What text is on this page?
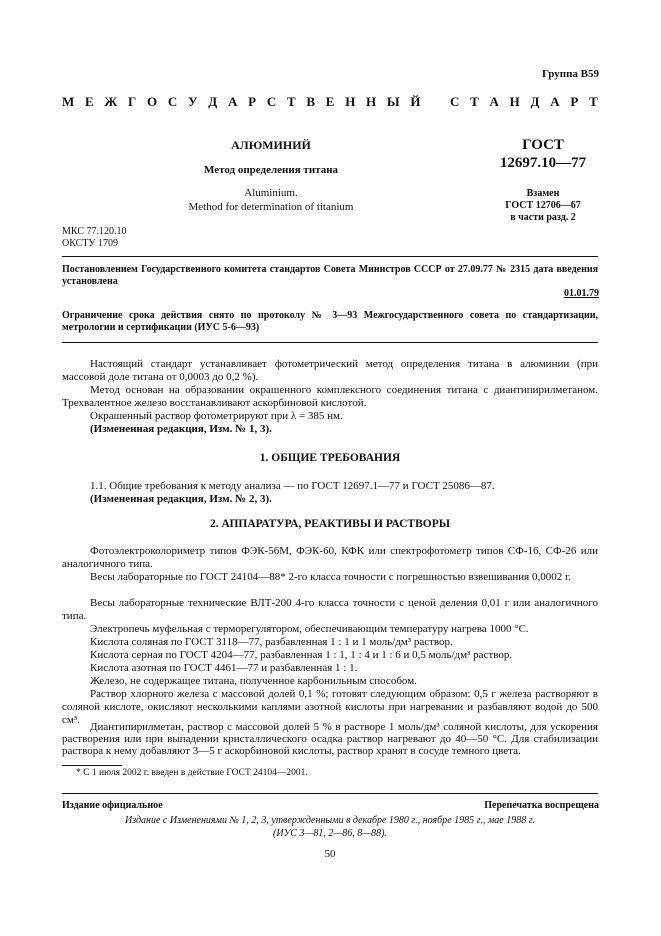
Группа В59
М Е Ж Г О С У Д А Р С Т В Е Н Н Ы Й С Т А Н Д А Р Т
АЛЮМИНИЙ
Метод определения титана
Aluminium.
Method for determination of titanium
ГОСТ
12697.10—77
Взамен
ГОСТ 12706—67
в части разд. 2
МКС 77.120.10
ОКСТУ 1709
Постановлением Государственного комитета стандартов Совета Министров СССР от 27.09.77 № 2315 дата введения установлена
01.01.79
Ограничение срока действия снято по протоколу № 3—93 Межгосударственного совета по стандартизации, метрологии и сертификации (ИУС 5-6—93)
Настоящий стандарт устанавливает фотометрический метод определения титана в алюминии (при массовой доле титана от 0,0003 до 0,2 %).
Метод основан на образовании окрашенного комплексного соединения титана с диантипирилметаном. Трехвалентное железо восстанавливают аскорбиновой кислотой.
Окрашенный раствор фотометрируют при λ = 385 нм.
(Измененная редакция, Изм. № 1, 3).
1. ОБЩИЕ ТРЕБОВАНИЯ
1.1. Общие требования к методу анализа — по ГОСТ 12697.1—77 и ГОСТ 25086—87.
(Измененная редакция, Изм. № 2, 3).
2. АППАРАТУРА, РЕАКТИВЫ И РАСТВОРЫ
Фотоэлектроколориметр типов ФЭК-56М, ФЭК-60, КФК или спектрофотометр типов СФ-16, СФ-26 или аналогичного типа.
Весы лабораторные по ГОСТ 24104—88* 2-го класса точности с погрешностью взвешивания 0,0002 г.
Весы лабораторные технические ВЛТ-200 4-го класса точности с ценой деления 0,01 г или аналогичного типа.
Электропечь муфельная с терморегулятором, обеспечивающим температуру нагрева 1000 °С.
Кислота соляная по ГОСТ 3118—77, разбавленная 1 : 1 и 1 моль/дм³ раствор.
Кислота серная по ГОСТ 4204—77, разбавленная 1 : 1, 1 : 4 и 1 : 6 и 0,5 моль/дм³ раствор.
Кислота азотная по ГОСТ 4461—77 и разбавленная 1 : 1.
Железо, не содержащее титана, полученное карбонильным способом.
Раствор хлорного железа с массовой долей 0,1 %; готовят следующим образом: 0,5 г железа растворяют в соляной кислоте, окисляют несколькими каплями азотной кислоты при нагревании и разбавляют водой до 500 см³.
Диантипирилметан, раствор с массовой долей 5 % в растворе 1 моль/дм³ соляной кислоты, для ускорения растворения или при выпадении кристаллического осадка раствор нагревают до 40—50 °С. Для стабилизации раствора к нему добавляют 3—5 г аскорбиновой кислоты, раствор хранят в сосуде темного цвета.
* С 1 июля 2002 г. введен в действие ГОСТ 24104—2001.
Издание официальное	Перепечатка воспрещена
Издание с Изменениями № 1, 2, 3, утвержденными в декабре 1980 г., ноябре 1985 г., мае 1988 г.
(ИУС 3—81, 2—86, 8—88).
50
